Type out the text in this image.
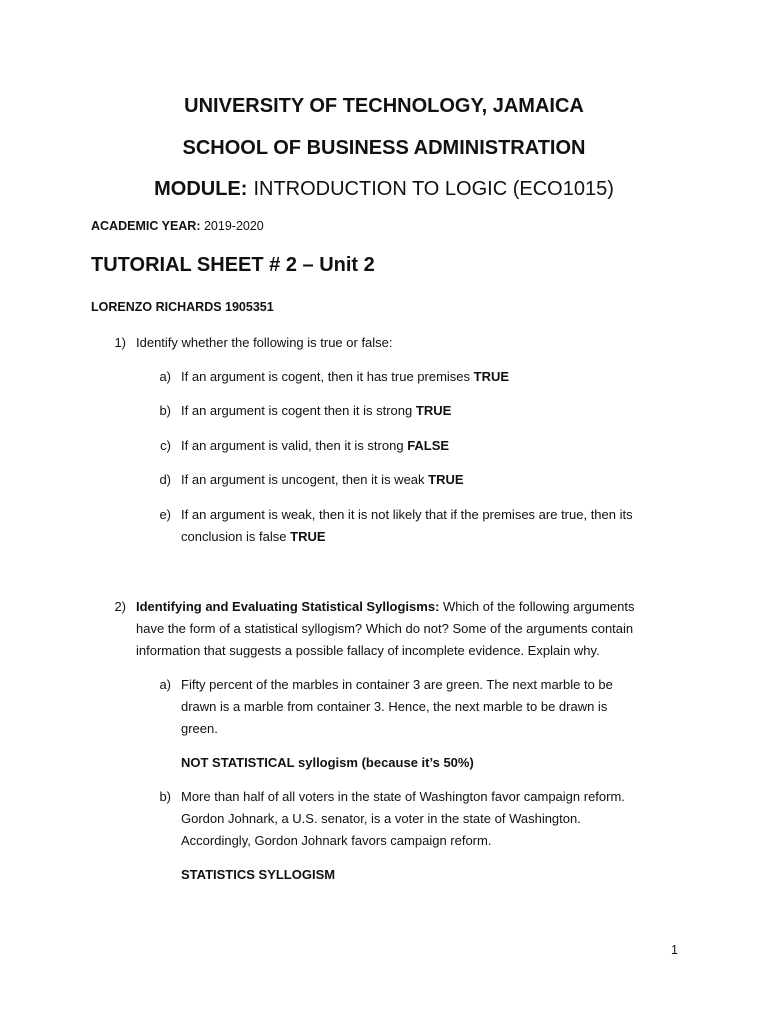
UNIVERSITY OF TECHNOLOGY, JAMAICA
SCHOOL OF BUSINESS ADMINISTRATION
MODULE: INTRODUCTION TO LOGIC (ECO1015)
ACADEMIC YEAR: 2019-2020
TUTORIAL SHEET # 2 – Unit 2
LORENZO RICHARDS 1905351
1) Identify whether the following is true or false:
a) If an argument is cogent, then it has true premises TRUE
b) If an argument is cogent then it is strong TRUE
c) If an argument is valid, then it is strong FALSE
d) If an argument is uncogent, then it is weak TRUE
e) If an argument is weak, then it is not likely that if the premises are true, then its
conclusion is false TRUE
2) Identifying and Evaluating Statistical Syllogisms: Which of the following arguments
have the form of a statistical syllogism? Which do not? Some of the arguments contain
information that suggests a possible fallacy of incomplete evidence. Explain why.
a) Fifty percent of the marbles in container 3 are green. The next marble to be
drawn is a marble from container 3. Hence, the next marble to be drawn is
green.
NOT STATISTICAL syllogism (because it’s 50%)
b) More than half of all voters in the state of Washington favor campaign reform.
Gordon Johnark, a U.S. senator, is a voter in the state of Washington.
Accordingly, Gordon Johnark favors campaign reform.
STATISTICS SYLLOGISM
1
